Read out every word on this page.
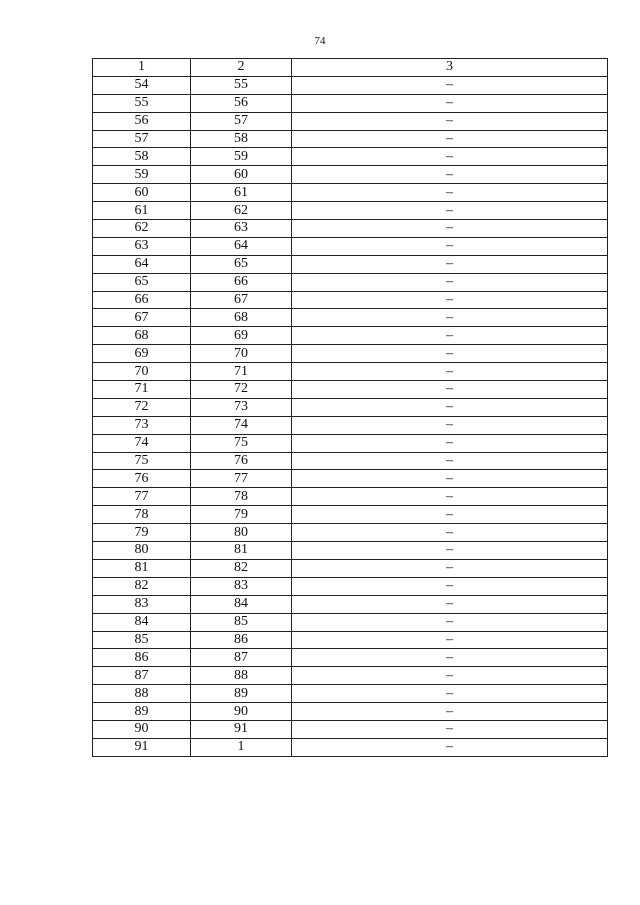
74
1	2	3
54	55	–
55	56	–
56	57	–
57	58	–
58	59	–
59	60	–
60	61	–
61	62	–
62	63	–
63	64	–
64	65	–
65	66	–
66	67	–
67	68	–
68	69	–
69	70	–
70	71	–
71	72	–
72	73	–
73	74	–
74	75	–
75	76	–
76	77	–
77	78	–
78	79	–
79	80	–
80	81	–
81	82	–
82	83	–
83	84	–
84	85	–
85	86	–
86	87	–
87	88	–
88	89	–
89	90	–
90	91	–
91	1	–
